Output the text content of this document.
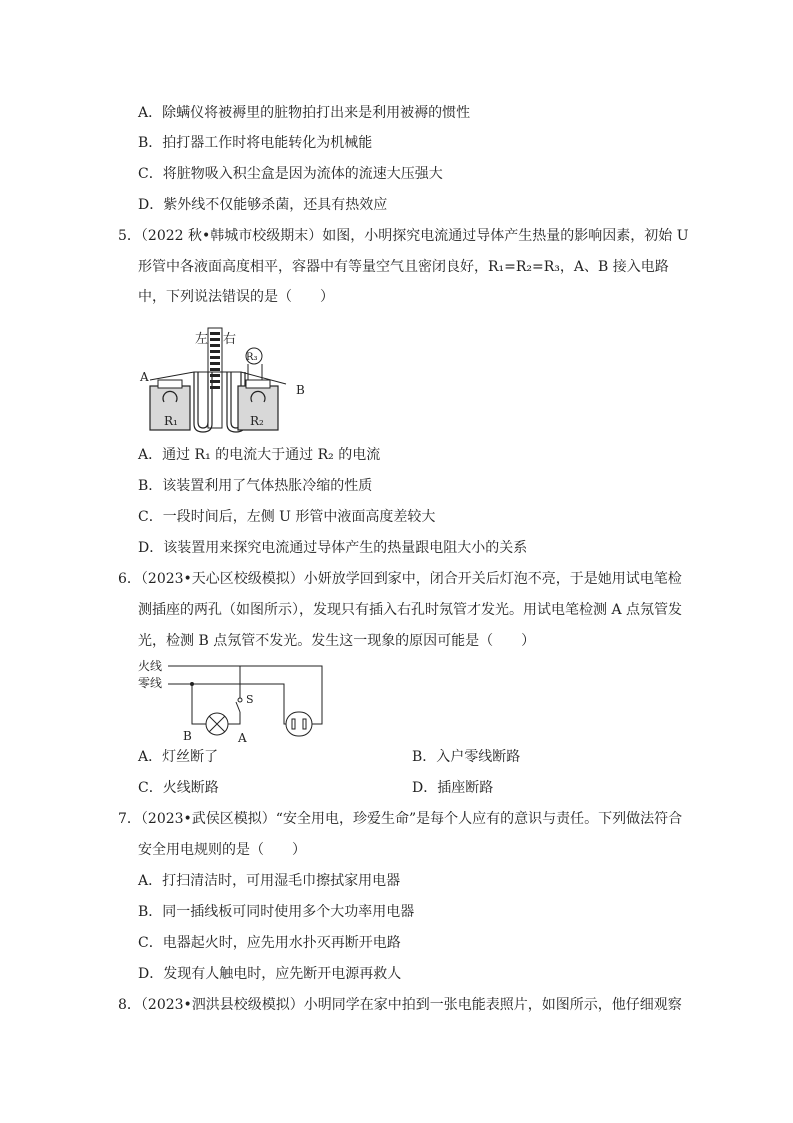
A．除螨仪将被褥里的脏物拍打出来是利用被褥的惯性
B．拍打器工作时将电能转化为机械能
C．将脏物吸入积尘盒是因为流体的流速大压强大
D．紫外线不仅能够杀菌，还具有热效应
5．（2022 秋•韩城市校级期末）如图，小明探究电流通过导体产生热量的影响因素，初始 U
形管中各液面高度相平，容器中有等量空气且密闭良好，R₁=R₂=R₃，A、B 接入电路
中，下列说法错误的是（　　）
左 右
R₁	R₂
R₃
A
B
A．通过 R₁ 的电流大于通过 R₂ 的电流
B．该装置利用了气体热胀冷缩的性质
C．一段时间后，左侧 U 形管中液面高度差较大
D．该装置用来探究电流通过导体产生的热量跟电阻大小的关系
6．（2023•天心区校级模拟）小妍放学回到家中，闭合开关后灯泡不亮，于是她用试电笔检
测插座的两孔（如图所示），发现只有插入右孔时氖管才发光。用试电笔检测 A 点氖管发
光，检测 B 点氖管不发光。发生这一现象的原因可能是（　　）
火线
零线
S
B	A
A．灯丝断了	B．入户零线断路
C．火线断路	D．插座断路
7．（2023•武侯区模拟）“安全用电，珍爱生命”是每个人应有的意识与责任。下列做法符合
安全用电规则的是（　　）
A．打扫清洁时，可用湿毛巾擦拭家用电器
B．同一插线板可同时使用多个大功率用电器
C．电器起火时，应先用水扑灭再断开电路
D．发现有人触电时，应先断开电源再救人
8．（2023•泗洪县校级模拟）小明同学在家中拍到一张电能表照片，如图所示，他仔细观察
